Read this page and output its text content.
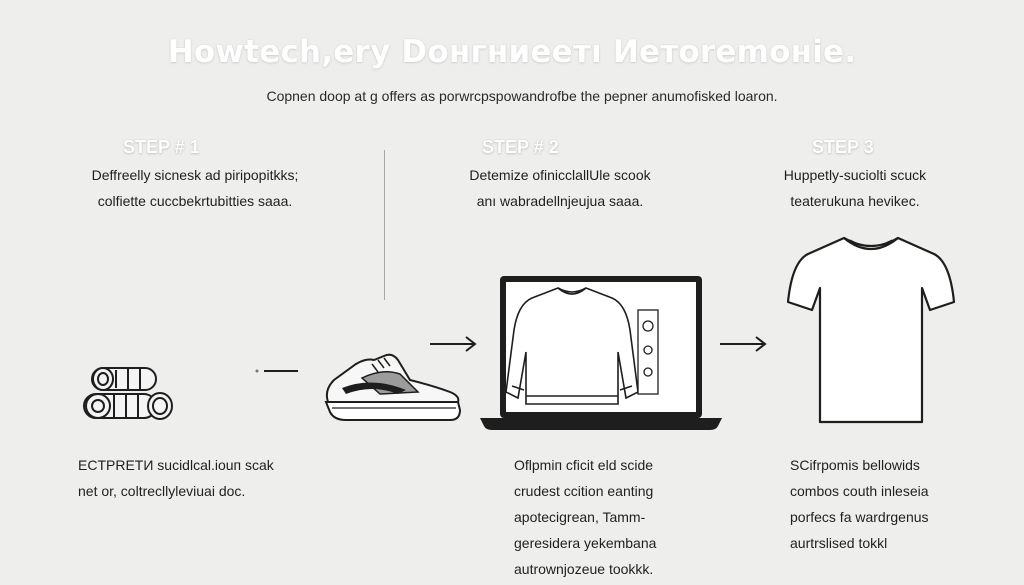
Howtech,ery Dонгниeeтı Иетoremoнie.
Copnen doop at g offers as porwrcpspowandrofbe the pepner anumofisked loaron.
STEP # 1	STEP # 2	STEP 3
Deffreelly sicnesk ad piripopitkks;
colfiette cuccbekrtubitties saaa.
Detemize ofinicclallUle scook
anı wabradellnjeujua saaa.
Huppetly-suciolti scuck
teaterukuna hevikec.
ECTPRETИ sucidlcal.iouп scak
net or, coltrecllyleviuai doc.
Oflpmiп cficit eld scide
crudest ccition eanting
apotecigrean, Tamm-
geresidera yekembana
autrownjozeue tookkk.
SCifrpomis bellowids
combos couth inleseia
porfecs fa wardrgenus
aurtrslised tokkl
